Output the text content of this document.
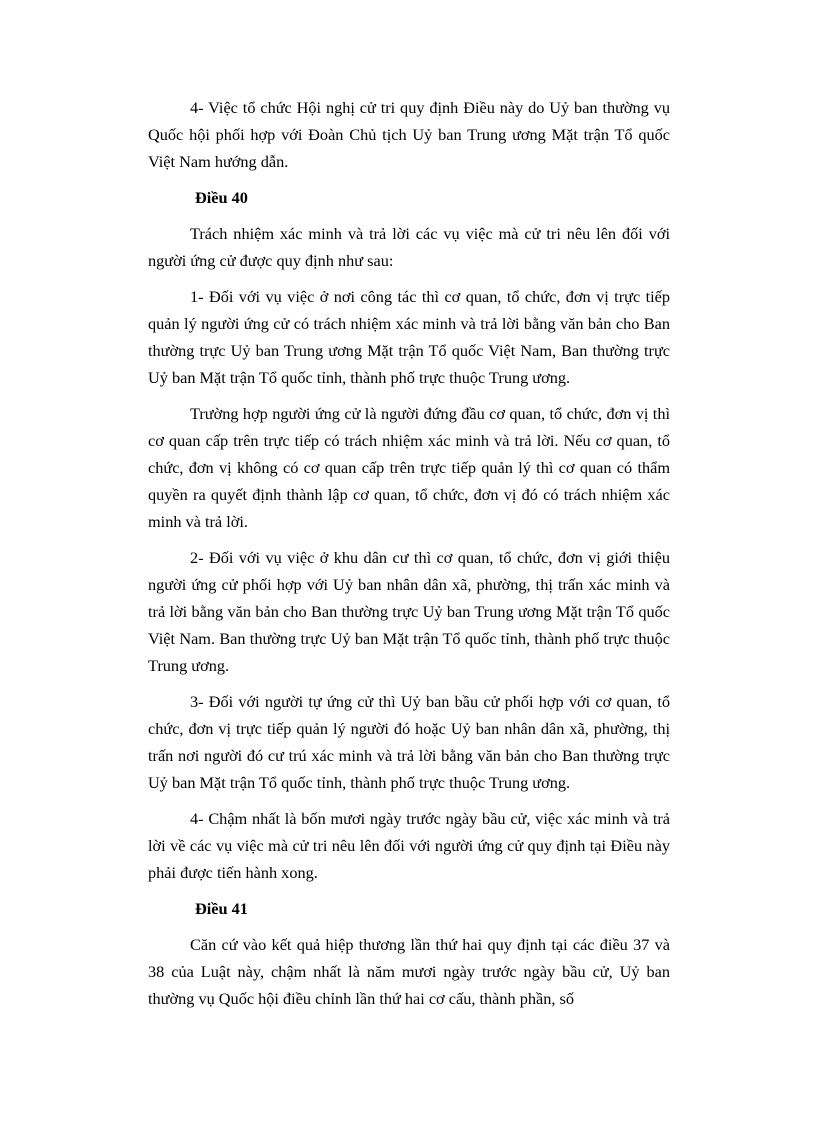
4- Việc tổ chức Hội nghị cử tri quy định Điều này do Uỷ ban thường vụ Quốc hội phối hợp với Đoàn Chủ tịch Uỷ ban Trung ương Mặt trận Tổ quốc Việt Nam hướng dẫn.

Điều 40

Trách nhiệm xác minh và trả lời các vụ việc mà cử tri nêu lên đối với người ứng cử được quy định như sau:

1- Đối với vụ việc ở nơi công tác thì cơ quan, tổ chức, đơn vị trực tiếp quản lý người ứng cử có trách nhiệm xác minh và trả lời bằng văn bản cho Ban thường trực Uỷ ban Trung ương Mặt trận Tổ quốc Việt Nam, Ban thường trực Uỷ ban Mặt trận Tổ quốc tỉnh, thành phố trực thuộc Trung ương.

Trường hợp người ứng cử là người đứng đầu cơ quan, tổ chức, đơn vị thì cơ quan cấp trên trực tiếp có trách nhiệm xác minh và trả lời. Nếu cơ quan, tổ chức, đơn vị không có cơ quan cấp trên trực tiếp quản lý thì cơ quan có thẩm quyền ra quyết định thành lập cơ quan, tổ chức, đơn vị đó có trách nhiệm xác minh và trả lời.

2- Đối với vụ việc ở khu dân cư thì cơ quan, tổ chức, đơn vị giới thiệu người ứng cử phối hợp với Uỷ ban nhân dân xã, phường, thị trấn xác minh và trả lời bằng văn bản cho Ban thường trực Uỷ ban Trung ương Mặt trận Tổ quốc Việt Nam. Ban thường trực Uỷ ban Mặt trận Tổ quốc tỉnh, thành phố trực thuộc Trung ương.

3- Đối với người tự ứng cử thì Uỷ ban bầu cử phối hợp với cơ quan, tổ chức, đơn vị trực tiếp quản lý người đó hoặc Uỷ ban nhân dân xã, phường, thị trấn nơi người đó cư trú xác minh và trả lời bằng văn bản cho Ban thường trực Uỷ ban Mặt trận Tổ quốc tỉnh, thành phố trực thuộc Trung ương.

4- Chậm nhất là bốn mươi ngày trước ngày bầu cử, việc xác minh và trả lời về các vụ việc mà cử tri nêu lên đối với người ứng cử quy định tại Điều này phải được tiến hành xong.

Điều 41

Căn cứ vào kết quả hiệp thương lần thứ hai quy định tại các điều 37 và 38 của Luật này, chậm nhất là năm mươi ngày trước ngày bầu cử, Uỷ ban thường vụ Quốc hội điều chỉnh lần thứ hai cơ cấu, thành phần, số
